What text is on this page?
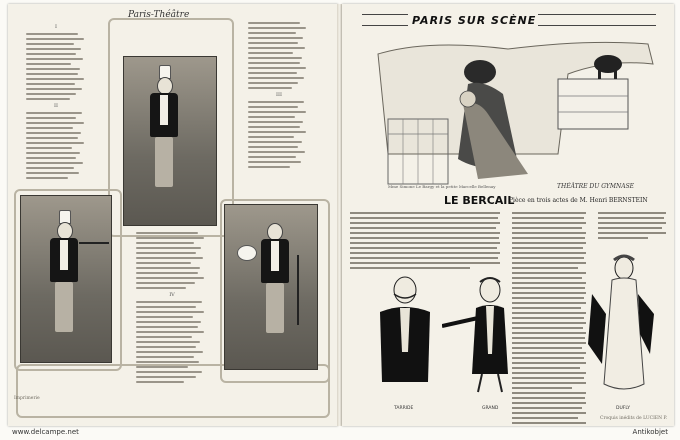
Paris-Théâtre
I
II
III
IV
Imprimerie
PARIS SUR SCÈNE
Mme Simone Le Bargy et la petite Marcelle Bellenay	THÉÂTRE DU GYMNASE
LE BERCAIL
Pièce en trois actes de M. Henri BERNSTEIN
TARRIDE	GRAND	DUFLY
Croquis inédits de LUCIEN P.
www.delcampe.net	Antikobjet
